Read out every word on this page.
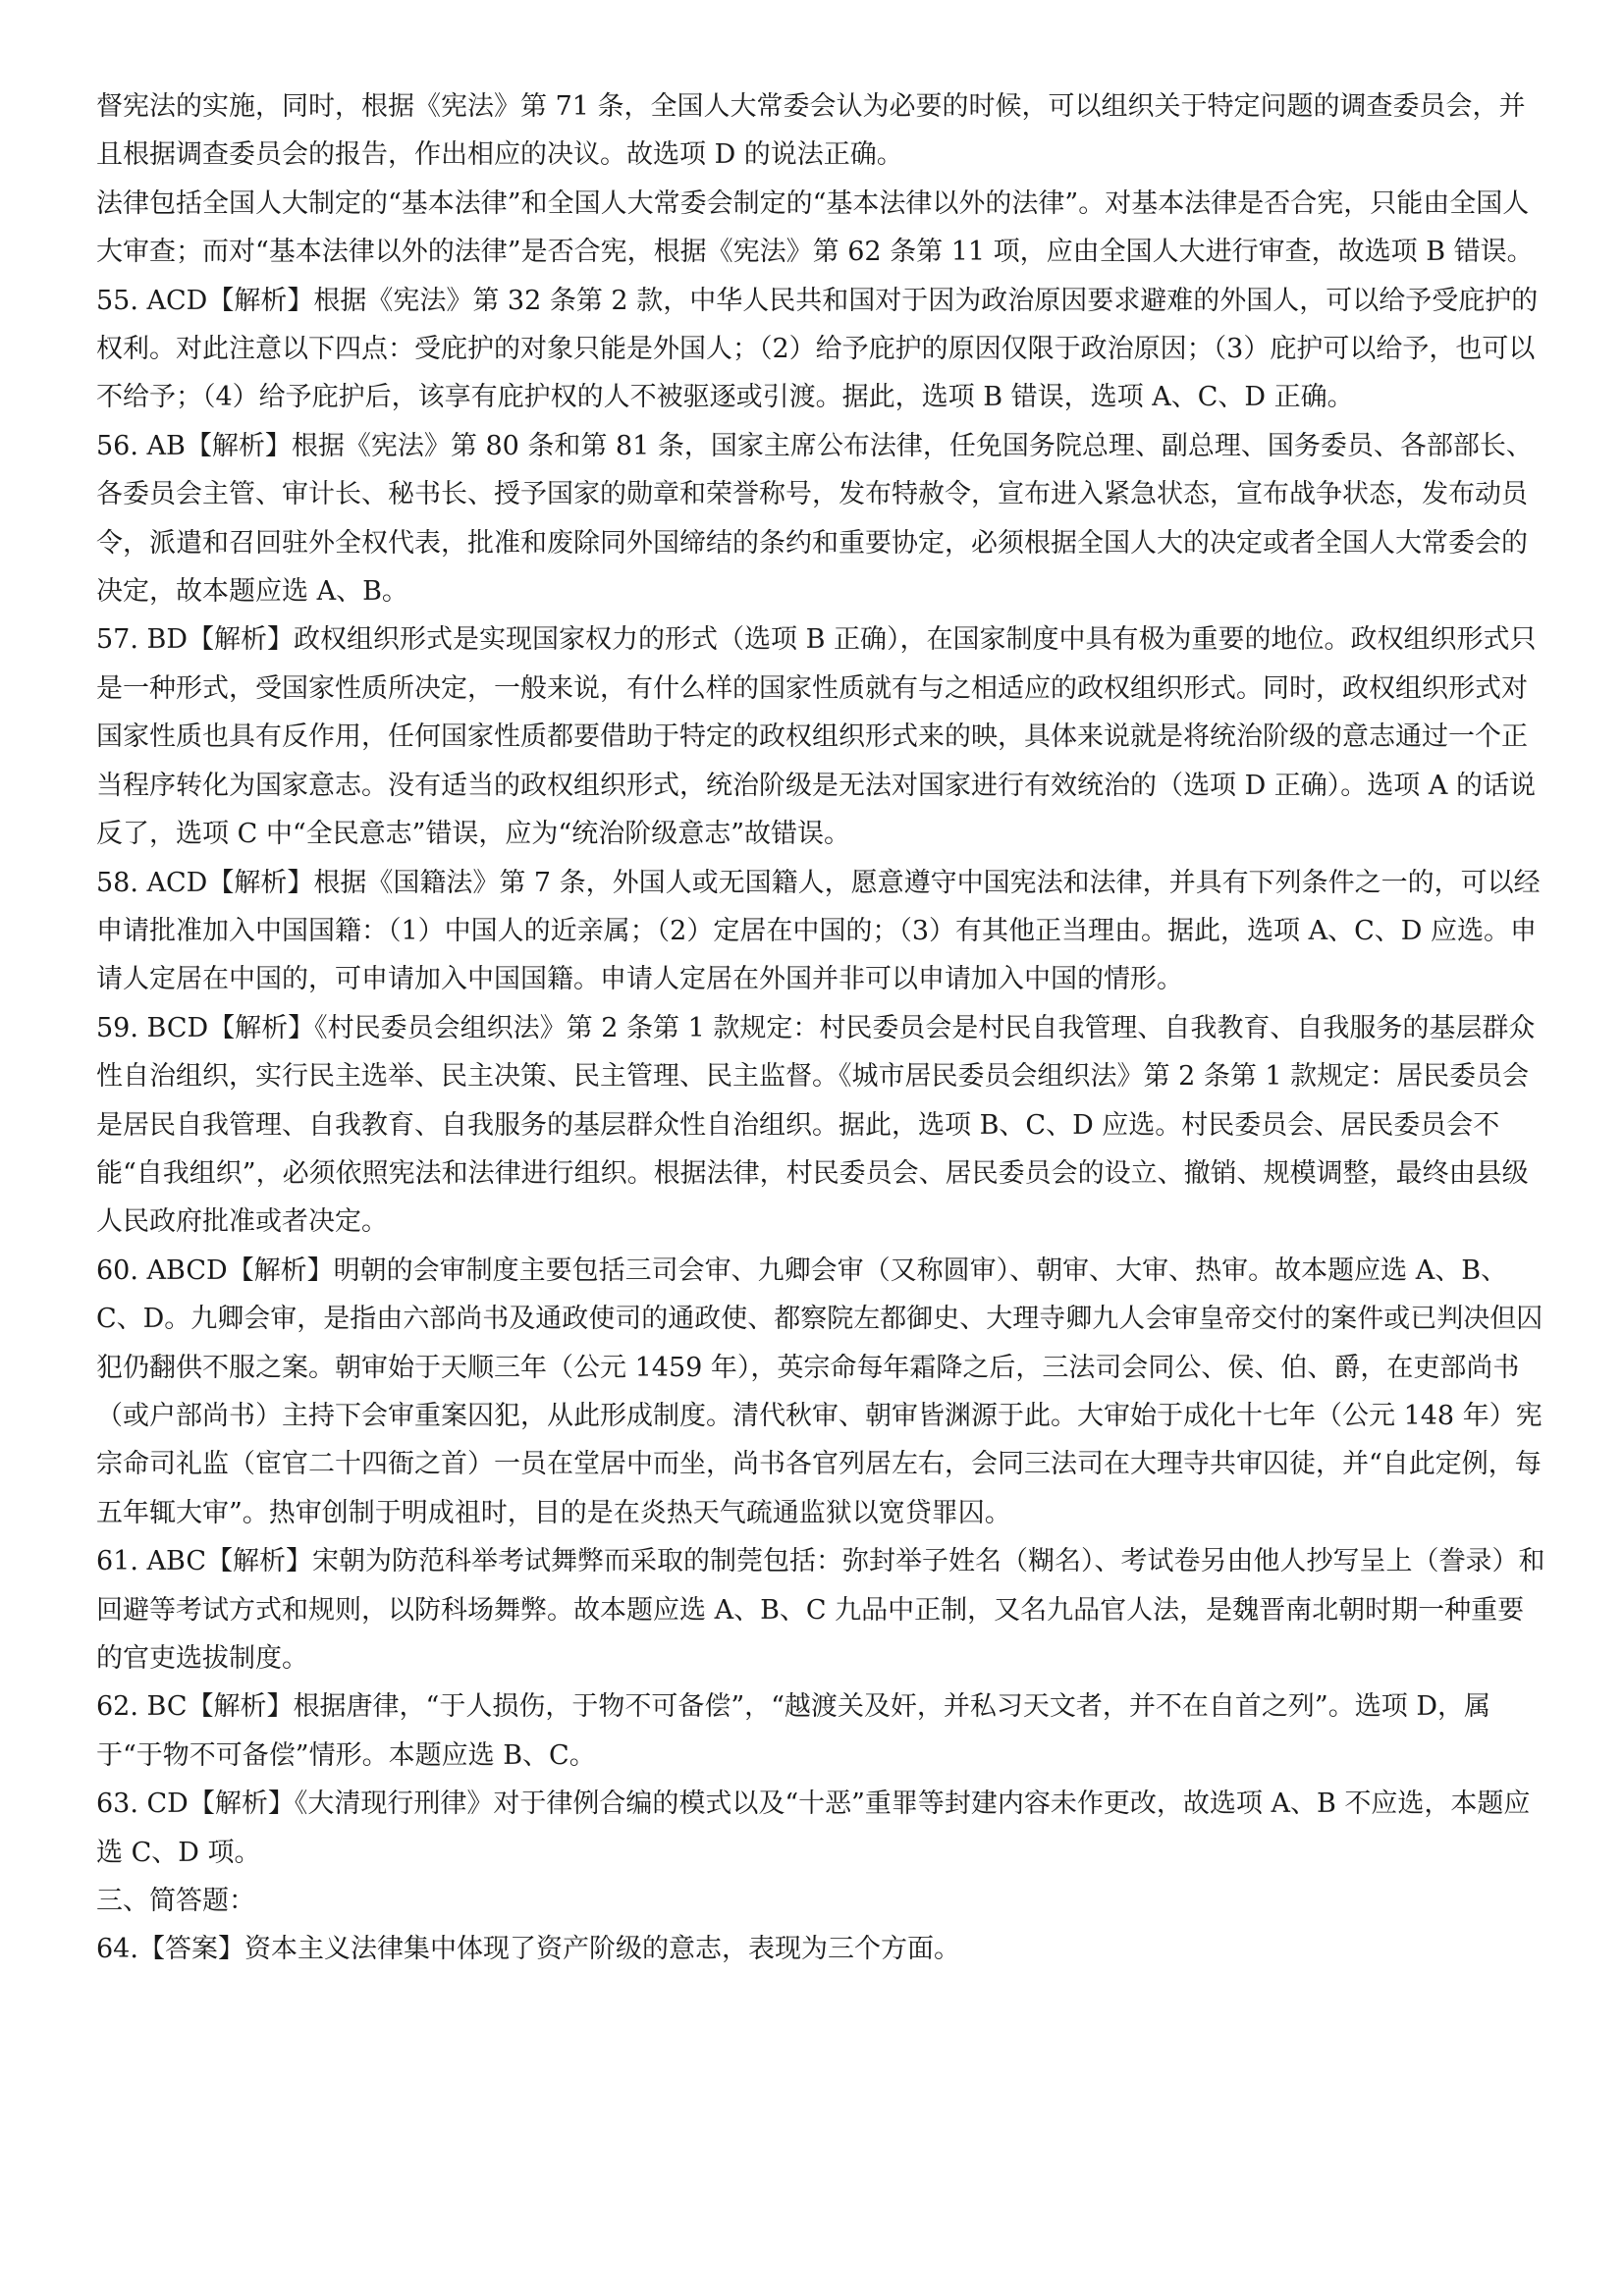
督宪法的实施，同时，根据《宪法》第 71 条，全国人大常委会认为必要的时候，可以组织关于特定问题的调查委员会，并且根据调查委员会的报告，作出相应的决议。故选项 D 的说法正确。

法律包括全国人大制定的“基本法律”和全国人大常委会制定的“基本法律以外的法律”。对基本法律是否合宪，只能由全国人大审查；而对“基本法律以外的法律”是否合宪，根据《宪法》第 62 条第 11 项，应由全国人大进行审查，故选项 B 错误。

55. ACD【解析】根据《宪法》第 32 条第 2 款，中华人民共和国对于因为政治原因要求避难的外国人，可以给予受庇护的权利。对此注意以下四点：受庇护的对象只能是外国人；（2）给予庇护的原因仅限于政治原因；（3）庇护可以给予，也可以不给予；（4）给予庇护后，该享有庇护权的人不被驱逐或引渡。据此，选项 B 错误，选项 A、C、D 正确。

56. AB【解析】根据《宪法》第 80 条和第 81 条，国家主席公布法律，任免国务院总理、副总理、国务委员、各部部长、各委员会主管、审计长、秘书长、授予国家的勋章和荣誉称号，发布特赦令，宣布进入紧急状态，宣布战争状态，发布动员令，派遣和召回驻外全权代表，批准和废除同外国缔结的条约和重要协定，必须根据全国人大的决定或者全国人大常委会的决定，故本题应选 A、B。

57. BD【解析】政权组织形式是实现国家权力的形式（选项 B 正确），在国家制度中具有极为重要的地位。政权组织形式只是一种形式，受国家性质所决定，一般来说，有什么样的国家性质就有与之相适应的政权组织形式。同时，政权组织形式对国家性质也具有反作用，任何国家性质都要借助于特定的政权组织形式来的映，具体来说就是将统治阶级的意志通过一个正当程序转化为国家意志。没有适当的政权组织形式，统治阶级是无法对国家进行有效统治的（选项 D 正确）。选项 A 的话说反了，选项 C 中“全民意志”错误，应为“统治阶级意志”故错误。

58. ACD【解析】根据《国籍法》第 7 条，外国人或无国籍人，愿意遵守中国宪法和法律，并具有下列条件之一的，可以经申请批准加入中国国籍：（1）中国人的近亲属；（2）定居在中国的；（3）有其他正当理由。据此，选项 A、C、D 应选。申请人定居在中国的，可申请加入中国国籍。申请人定居在外国并非可以申请加入中国的情形。

59. BCD【解析】《村民委员会组织法》第 2 条第 1 款规定：村民委员会是村民自我管理、自我教育、自我服务的基层群众性自治组织，实行民主选举、民主决策、民主管理、民主监督。《城市居民委员会组织法》第 2 条第 1 款规定：居民委员会是居民自我管理、自我教育、自我服务的基层群众性自治组织。据此，选项 B、C、D 应选。村民委员会、居民委员会不能“自我组织”，必须依照宪法和法律进行组织。根据法律，村民委员会、居民委员会的设立、撤销、规模调整，最终由县级人民政府批准或者决定。

60. ABCD【解析】明朝的会审制度主要包括三司会审、九卿会审（又称圆审）、朝审、大审、热审。故本题应选 A、B、C、D。九卿会审，是指由六部尚书及通政使司的通政使、都察院左都御史、大理寺卿九人会审皇帝交付的案件或已判决但囚犯仍翻供不服之案。朝审始于天顺三年（公元 1459 年），英宗命每年霜降之后，三法司会同公、侯、伯、爵，在吏部尚书（或户部尚书）主持下会审重案囚犯，从此形成制度。清代秋审、朝审皆渊源于此。大审始于成化十七年（公元 148 年）宪宗命司礼监（宦官二十四衙之首）一员在堂居中而坐，尚书各官列居左右，会同三法司在大理寺共审囚徒，并“自此定例，每五年辄大审”。热审创制于明成祖时，目的是在炎热天气疏通监狱以宽贷罪囚。

61. ABC【解析】宋朝为防范科举考试舞弊而采取的制莞包括：弥封举子姓名（糊名）、考试卷另由他人抄写呈上（誊录）和回避等考试方式和规则，以防科场舞弊。故本题应选 A、B、C 九品中正制，又名九品官人法，是魏晋南北朝时期一种重要的官吏选拔制度。

62. BC【解析】根据唐律，“于人损伤，于物不可备偿”，“越渡关及奸，并私习天文者，并不在自首之列”。选项 D，属于“于物不可备偿”情形。本题应选 B、C。

63. CD【解析】《大清现行刑律》对于律例合编的模式以及“十恶”重罪等封建内容未作更改，故选项 A、B 不应选，本题应选 C、D 项。

三、简答题：

64.【答案】资本主义法律集中体现了资产阶级的意志，表现为三个方面。
